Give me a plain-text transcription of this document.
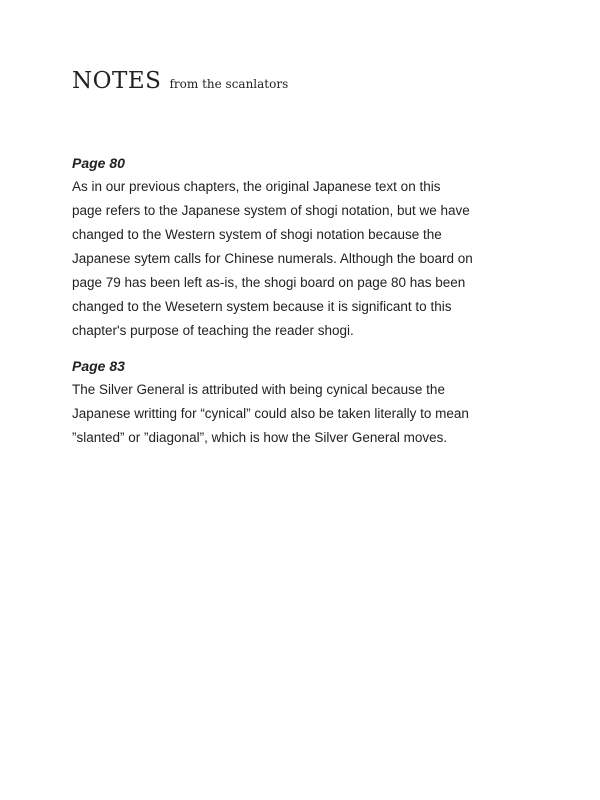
NOTES from the scanlators
Page 80
As in our previous chapters, the original Japanese text on this
page refers to the Japanese system of shogi notation, but we have
changed to the Western system of shogi notation because the
Japanese sytem calls for Chinese numerals. Although the board on
page 79 has been left as-is, the shogi board on page 80 has been
changed to the Wesetern system because it is significant to this
chapter's purpose of teaching the reader shogi.
Page 83
The Silver General is attributed with being cynical because the
Japanese writting for “cynical” could also be taken literally to mean
”slanted” or ”diagonal”, which is how the Silver General moves.
